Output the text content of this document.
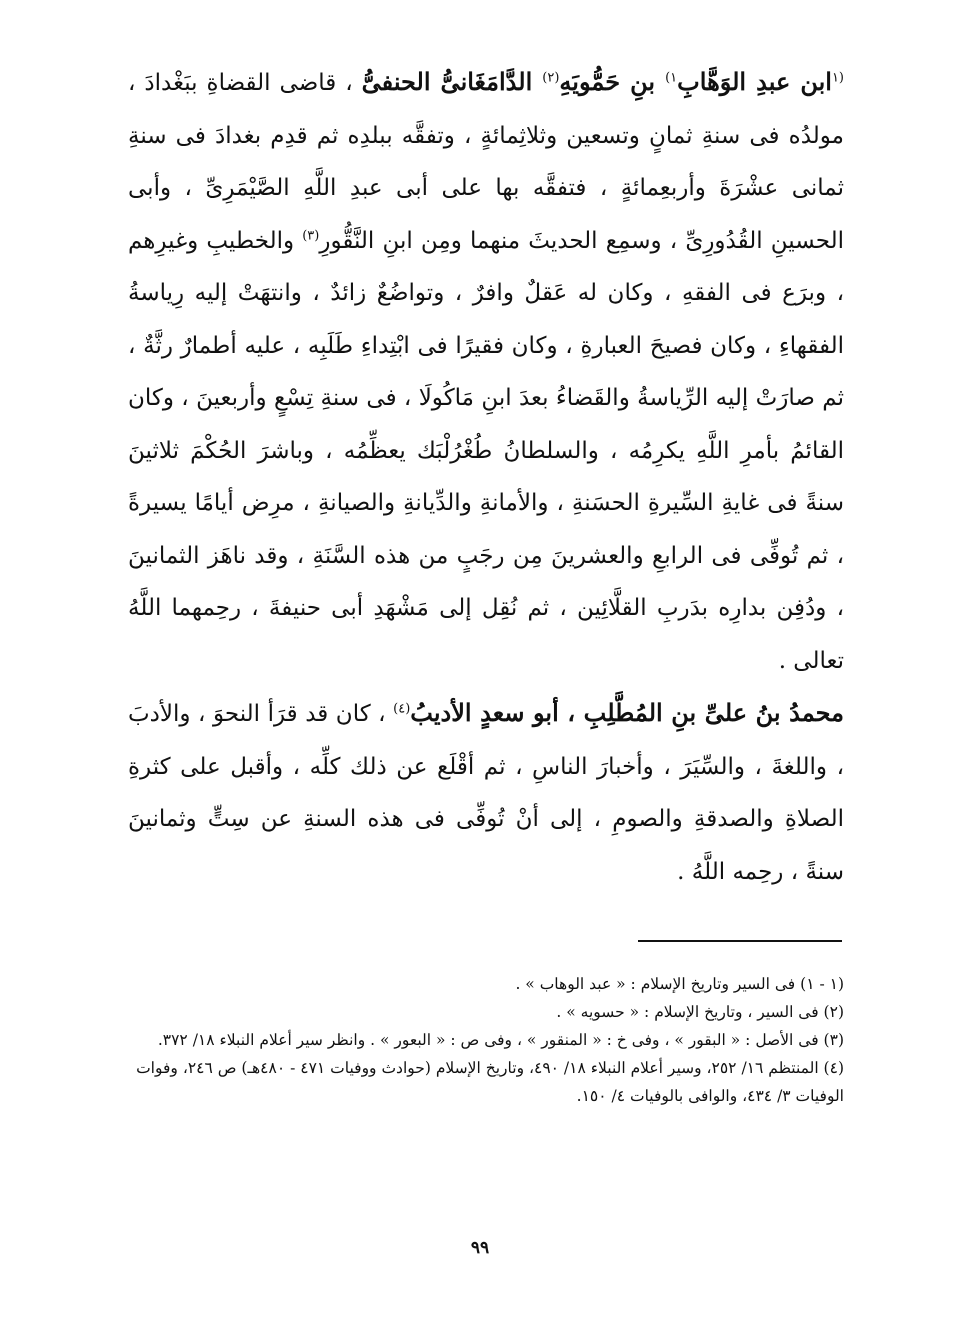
$^{(١}$ابن عبدِ الوَهَّابِ$^{١)}$ بنِ حَمُّويَهِ$^{(٢)}$ الدَّامَغَانىُّ الحنفىُّ ، قاضى القضاةِ ببَغْدادَ ، مولدُه فى سنةِ ثمانٍ وتسعين وثلاثِمائةٍ ، وتفقَّه ببلدِه ثم قدِم بغدادَ فى سنةِ ثمانى عشْرَةَ وأربعِمائةٍ ، فتفقَّه بها على أبى عبدِ اللَّهِ الصَّيْمَرِىِّ ، وأبى الحسينِ القُدُورِىِّ ، وسمِع الحديثَ منهما ومِن ابنِ النَّقُّورِ$^{(٣)}$ والخطيبِ وغيرِهم ، وبرَع فى الفقهِ ، وكان له عَقلٌ وافرٌ ، وتواضُعٌ زائدٌ ، وانتهَتْ إليه رِياسةُ الفقهاءِ ، وكان فصيحَ العبارةِ ، وكان فقيرًا فى ابْتِداءِ طَلَبِه ، عليه أطمارٌ رثَّةٌ ، ثم صارَتْ إليه الرِّياسةُ والقَضاءُ بعدَ ابنِ مَاكُولَا ، فى سنةِ تِسْعٍ وأربعينَ ، وكان القائمُ بأمرِ اللَّهِ يكرِمُه ، والسلطانُ طُغْرُلْبَك يعظِّمُه ، وباشرَ الحُكْمَ ثلاثينَ سنةً فى غايةِ السِّيرةِ الحسَنةِ ، والأمانةِ والدِّيانةِ والصيانةِ ، مرِض أيامًا يسيرةً ، ثم تُوفِّى فى الرابعِ والعشرينَ مِن رجَبٍ من هذه السَّنَةِ ، وقد ناهَز الثمانينَ ، ودُفِن بدارِه بدَربِ القلَّائِين ، ثم نُقِل إلى مَشْهَدِ أبى حنيفةَ ، رحِمهما اللَّهُ تعالى .

محمدُ بنُ علىِّ بنِ المُطَّلِبِ ، أبو سعدٍ الأديبُ$^{(٤)}$ ، كان قد قرَأ النحوَ ، والأدبَ ، واللغةَ ، والسِّيَرَ ، وأخبارَ الناسِ ، ثم أقْلَع عن ذلك كلِّه ، وأقبل على كثرةِ الصلاةِ والصدقةِ والصومِ ، إلى أنْ تُوفِّى فى هذه السنةِ عن سِتٍّ وثمانينَ سنةً ، رحِمه اللَّهُ .

(١ - ١) فى السير وتاريخ الإسلام : « عبد الوهاب » .

(٢) فى السير ، وتاريخ الإسلام : « حسويه » .

(٣) فى الأصل : « البقور » ، وفى خ : « المنقور » ، وفى ص : « البعور » . وانظر سير أعلام النبلاء ١٨/ ٣٧٢.

(٤) المنتظم ١٦/ ٢٥٢، وسير أعلام النبلاء ١٨/ ٤٩٠، وتاريخ الإسلام (حوادث ووفيات ٤٧١ - ٤٨٠هـ) ص ٢٤٦، وفوات الوفيات ٣/ ٤٣٤، والوافى بالوفيات ٤/ ١٥٠.

٩٩
